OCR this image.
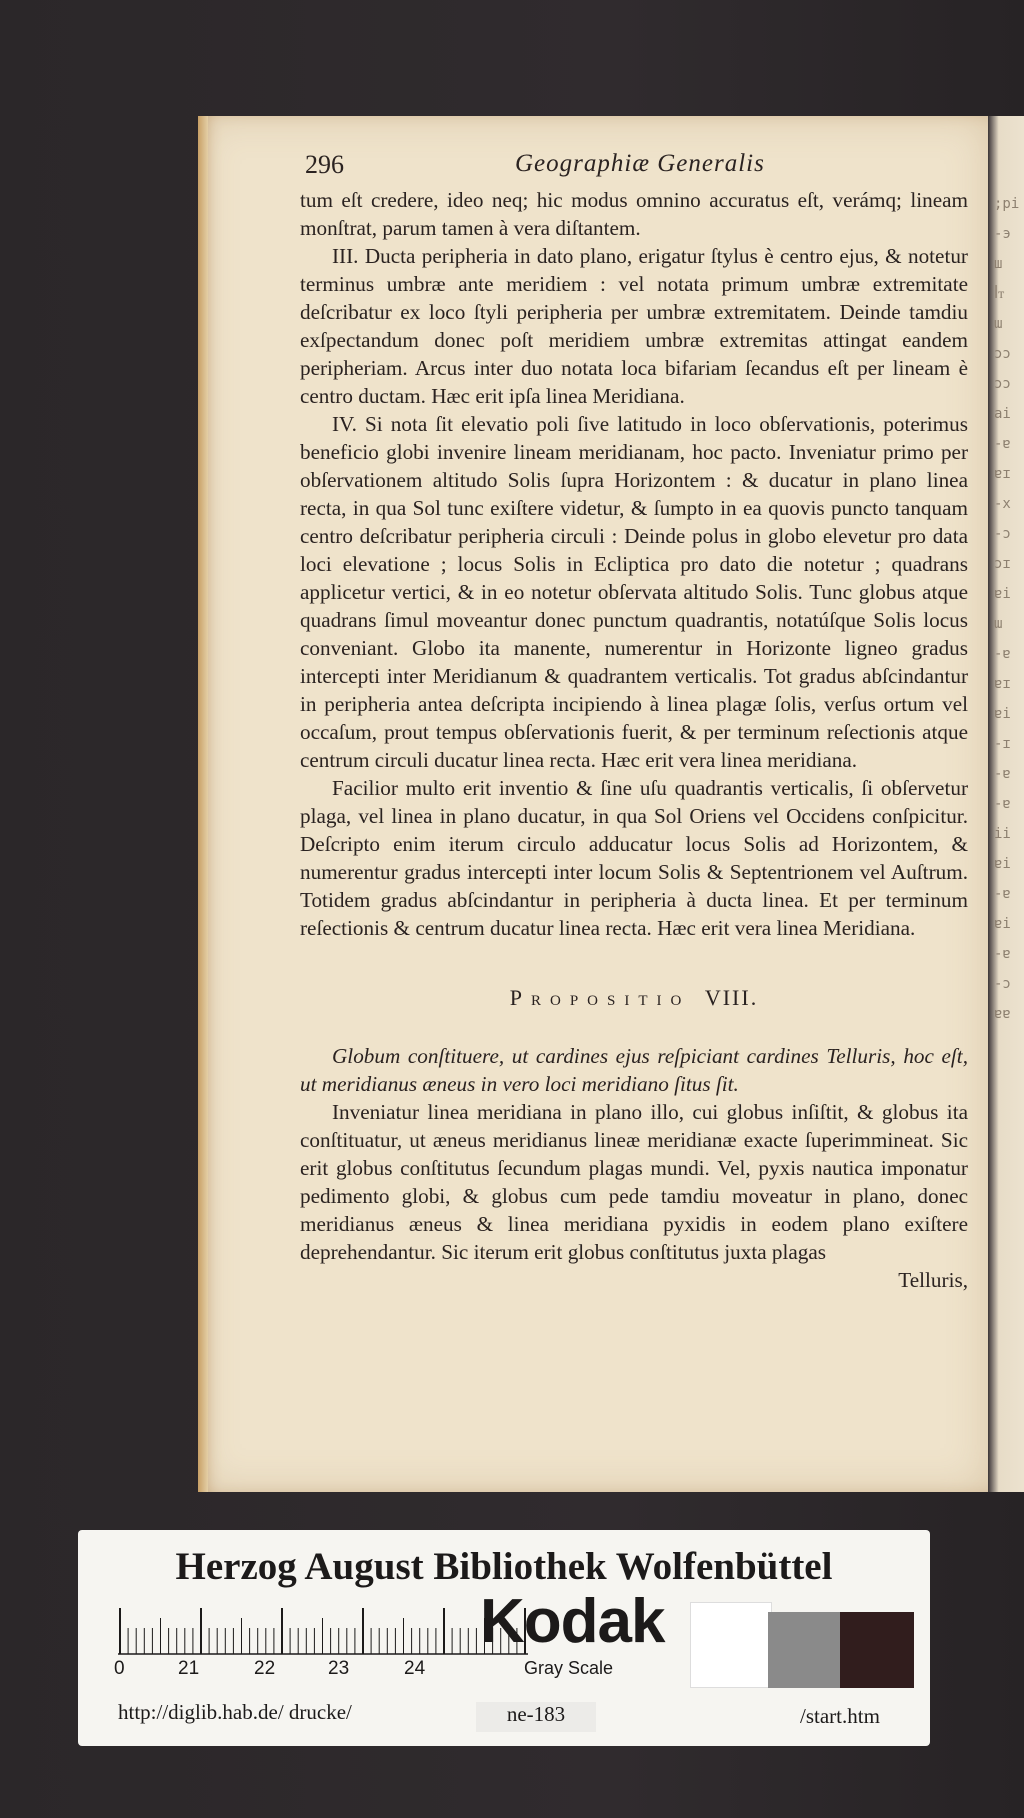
;pi
-э
ш
ꟾᴛ
ɯ
ɔɔ
ɔɔ
ai
-ɐ
ɐɪ
-x
-ɔ
ɔɪ
ɐi
ɯ
-ɐ
ɐɪ
ɐi
-ɪ
-ɐ
-ɐ
ii
ɐi
-ɐ
ɐi
-ɐ
-ɔ
ɐɐ
296	Geographiæ Generalis

tum eſt credere, ideo neq; hic modus omnino accuratus eſt, verámq; lineam monſtrat, parum tamen à vera diſtantem.

III. Ducta peripheria in dato plano, erigatur ſtylus è centro ejus, & notetur terminus umbræ ante meridiem : vel notata primum umbræ extremitate deſcribatur ex loco ſtyli peripheria per umbræ extremitatem. Deinde tamdiu exſpectandum donec poſt meridiem umbræ extremitas attingat eandem peripheriam. Arcus inter duo notata loca bifariam ſecandus eſt per lineam è centro ductam. Hæc erit ipſa linea Meridiana.

IV. Si nota ſit elevatio poli ſive latitudo in loco obſervationis, poterimus beneficio globi invenire lineam meridianam, hoc pacto. Inveniatur primo per obſervationem altitudo Solis ſupra Horizontem : & ducatur in plano linea recta, in qua Sol tunc exiſtere videtur, & ſumpto in ea quovis puncto tanquam centro deſcribatur peripheria circuli : Deinde polus in globo elevetur pro data loci elevatione ; locus Solis in Ecliptica pro dato die notetur ; quadrans applicetur vertici, & in eo notetur obſervata altitudo Solis. Tunc globus atque quadrans ſimul moveantur donec punctum quadrantis, notatúſque Solis locus conveniant. Globo ita manente, numerentur in Horizonte ligneo gradus intercepti inter Meridianum & quadrantem verticalis. Tot gradus abſcindantur in peripheria antea deſcripta incipiendo à linea plagæ ſolis, verſus ortum vel occaſum, prout tempus obſervationis fuerit, & per terminum reſectionis atque centrum circuli ducatur linea recta. Hæc erit vera linea meridiana.

Facilior multo erit inventio & ſine uſu quadrantis verticalis, ſi obſervetur plaga, vel linea in plano ducatur, in qua Sol Oriens vel Occidens conſpicitur. Deſcripto enim iterum circulo adducatur locus Solis ad Horizontem, & numerentur gradus intercepti inter locum Solis & Septentrionem vel Auſtrum. Totidem gradus abſcindantur in peripheria à ducta linea. Et per terminum reſectionis & centrum ducatur linea recta. Hæc erit vera linea Meridiana.

Propositio VIII.

Globum conſtituere, ut cardines ejus reſpiciant cardines Telluris, hoc eſt, ut meridianus æneus in vero loci meridiano ſitus ſit.

Inveniatur linea meridiana in plano illo, cui globus inſiſtit, & globus ita conſtituatur, ut æneus meridianus lineæ meridianæ exacte ſuperimmineat. Sic erit globus conſtitutus ſecundum plagas mundi. Vel, pyxis nautica imponatur pedimento globi, & globus cum pede tamdiu moveatur in plano, donec meridianus æneus & linea meridiana pyxidis in eodem plano exiſtere deprehendantur. Sic iterum erit globus conſtitutus juxta plagas

Telluris,
Herzog August Bibliothek Wolfenbüttel
0	21	22	23	24
Kodak
Gray Scale
http://diglib.hab.de/ drucke/	ne-183	/start.htm
